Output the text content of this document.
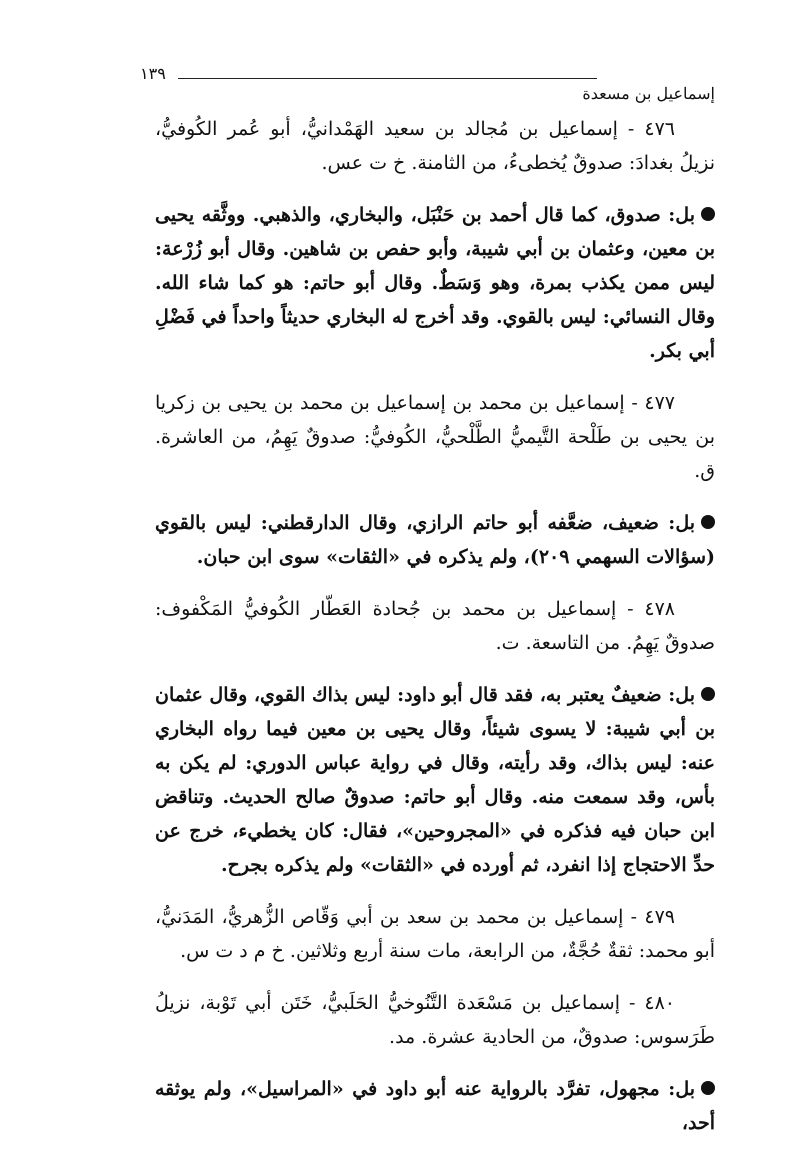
١٣٩
إسماعيل بن مسعدة

٤٧٦ - إسماعيل بن مُجالد بن سعيد الهَمْدانيُّ، أبو عُمر الكُوفيُّ، نزيلُ بغدادَ: صدوقٌ يُخطىءُ، من الثامنة. خ ت عس.

بل: صدوق، كما قال أحمد بن حَنْبَل، والبخاري، والذهبي. ووثَّقه يحيى بن معين، وعثمان بن أبي شيبة، وأبو حفص بن شاهين. وقال أبو زُرْعة: ليس ممن يكذب بمرة، وهو وَسَطٌ. وقال أبو حاتم: هو كما شاء الله. وقال النسائي: ليس بالقوي. وقد أخرج له البخاري حديثاً واحداً في فَضْلِ أبي بكر.

٤٧٧ - إسماعيل بن محمد بن إسماعيل بن محمد بن يحيى بن زكريا بن يحيى بن طَلْحة التَّيميُّ الطَّلْحيُّ، الكُوفيُّ: صدوقٌ يَهِمُ، من العاشرة. ق.

بل: ضعيف، ضعَّفه أبو حاتم الرازي، وقال الدارقطني: ليس بالقوي (سؤالات السهمي ٢٠٩)، ولم يذكره في «الثقات» سوى ابن حبان.

٤٧٨ - إسماعيل بن محمد بن جُحادة العَطّار الكُوفيُّ المَكْفوف: صدوقٌ يَهِمُ. من التاسعة. ت.

بل: ضعيفٌ يعتبر به، فقد قال أبو داود: ليس بذاك القوي، وقال عثمان بن أبي شيبة: لا يسوى شيئاً، وقال يحيى بن معين فيما رواه البخاري عنه: ليس بذاك، وقد رأيته، وقال في رواية عباس الدوري: لم يكن به بأس، وقد سمعت منه. وقال أبو حاتم: صدوقٌ صالح الحديث. وتناقض ابن حبان فيه فذكره في «المجروحين»، فقال: كان يخطيء، خرج عن حدِّ الاحتجاج إذا انفرد، ثم أورده في «الثقات» ولم يذكره بجرح.

٤٧٩ - إسماعيل بن محمد بن سعد بن أبي وَقّاص الزُّهريُّ، المَدَنيُّ، أبو محمد: ثقةٌ حُجَّةٌ، من الرابعة، مات سنة أربع وثلاثين. خ م د ت س.

٤٨٠ - إسماعيل بن مَسْعَدة التَّنُوخيُّ الحَلَبيُّ، خَتَن أبي تَوْبة، نزيلُ طَرَسوس: صدوقٌ، من الحادية عشرة. مد.

بل: مجهول، تفرَّد بالرواية عنه أبو داود في «المراسيل»، ولم يوثقه أحد،
